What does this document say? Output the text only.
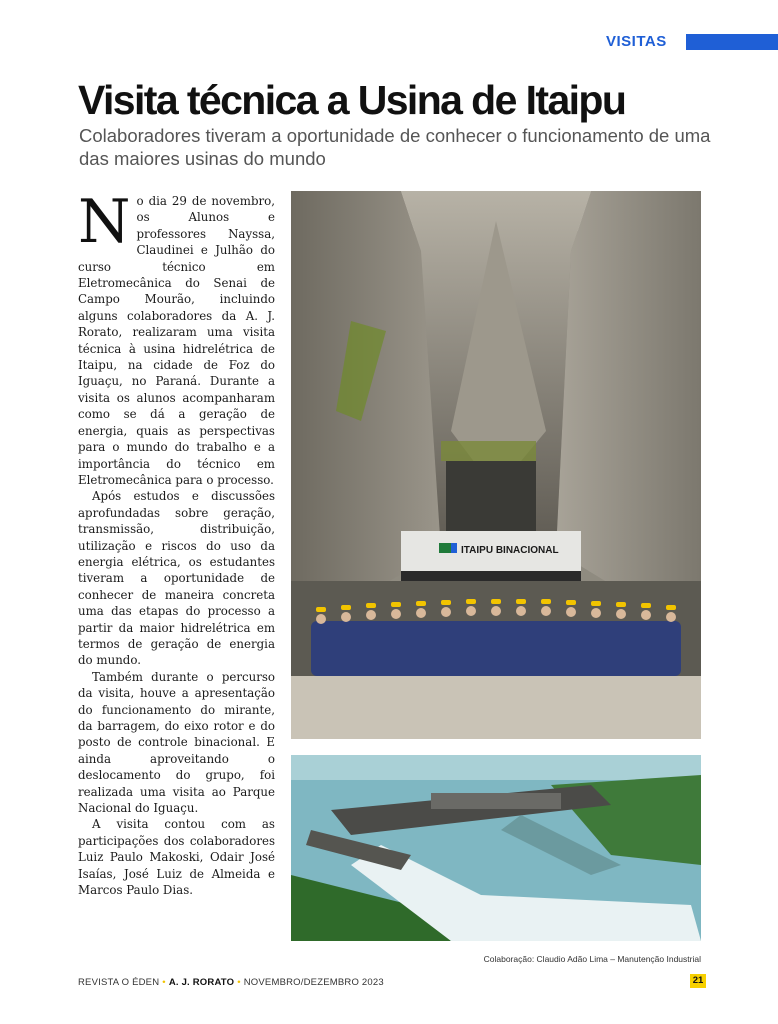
VISITAS
Visita técnica a Usina de Itaipu

Colaboradores tiveram a oportunidade de conhecer o funcionamento de uma das maiores usinas do mundo

No dia 29 de novembro, os Alunos e professores Nayssa, Claudinei e Julhão do curso técnico em Eletromecânica do Senai de Campo Mourão, incluindo alguns colaboradores da A. J. Rorato, realizaram uma visita técnica à usina hidrelétrica de Itaipu, na cidade de Foz do Iguaçu, no Paraná. Durante a visita os alunos acompanharam como se dá a geração de energia, quais as perspectivas para o mundo do trabalho e a importância do técnico em Eletromecânica para o processo.

Após estudos e discussões aprofundadas sobre geração, transmissão, distribuição, utilização e riscos do uso da energia elétrica, os estudantes tiveram a oportunidade de conhecer de maneira concreta uma das etapas do processo a partir da maior hidrelétrica em termos de geração de energia do mundo.

Também durante o percurso da visita, houve a apresentação do funcionamento do mirante, da barragem, do eixo rotor e do posto de controle binacional. E ainda aproveitando o deslocamento do grupo, foi realizada uma visita ao Parque Nacional do Iguaçu.

A visita contou com as participações dos colaboradores Luiz Paulo Makoski, Odair José Isaías, José Luiz de Almeida e Marcos Paulo Dias.

ITAIPU BINACIONAL
Colaboração: Claudio Adão Lima – Manutenção Industrial
REVISTA O ÉDEN • A. J. RORATO • NOVEMBRO/DEZEMBRO 2023	21
